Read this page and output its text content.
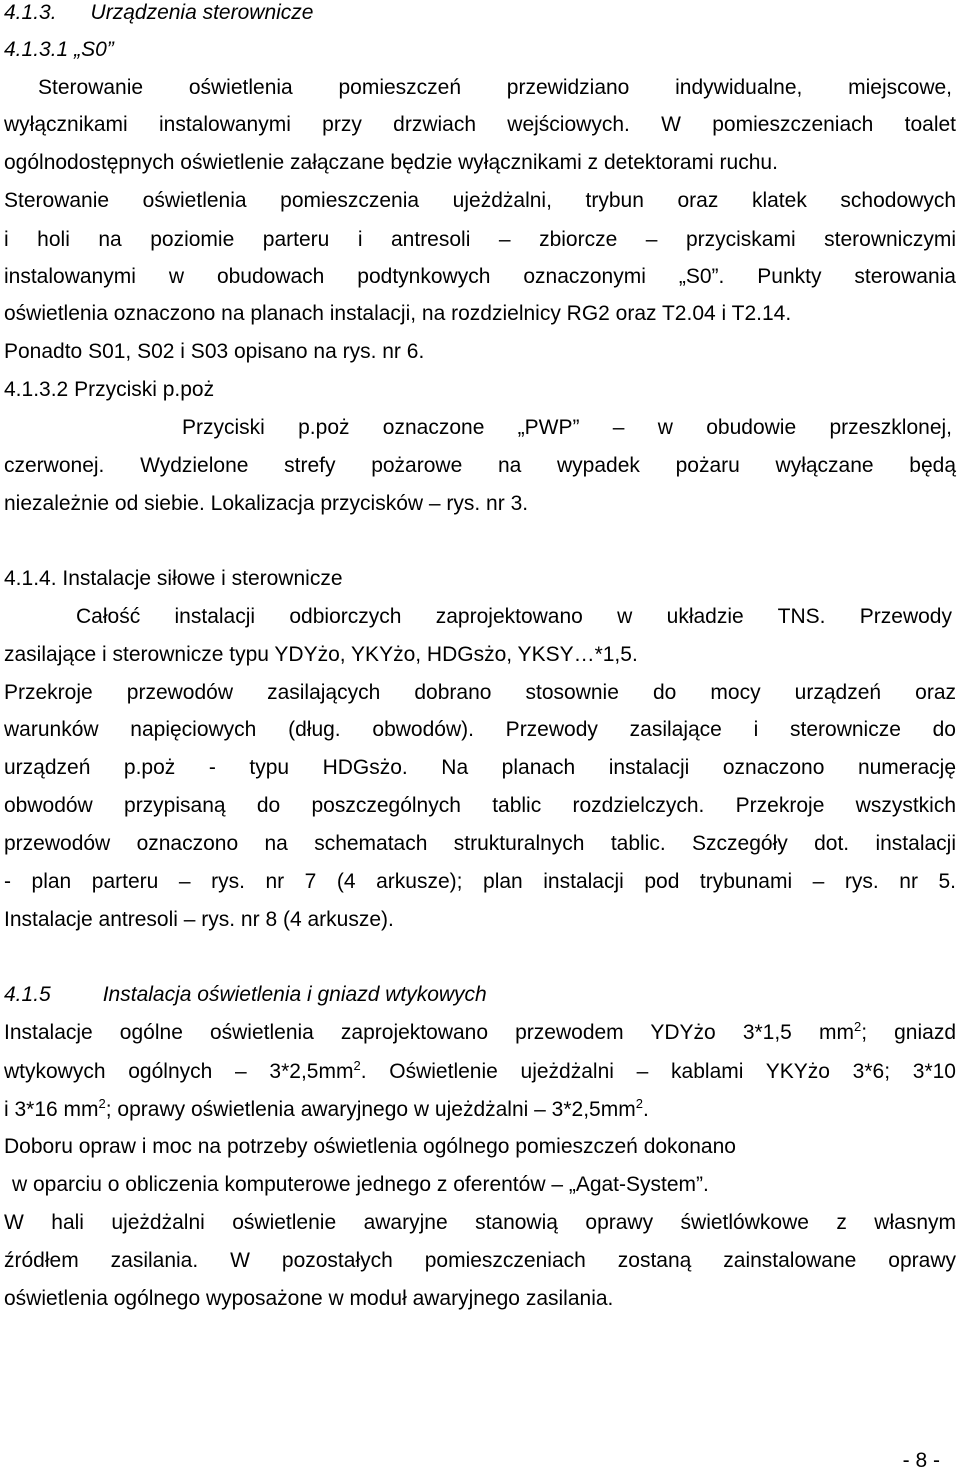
4.1.3. Urządzenia sterownicze
4.1.3.1 „S0”
Sterowanie oświetlenia pomieszczeń przewidziano indywidualne, miejscowe,
wyłącznikami instalowanymi przy drzwiach wejściowych. W pomieszczeniach toalet
ogólnodostępnych oświetlenie załączane będzie wyłącznikami z detektorami ruchu.
Sterowanie oświetlenia pomieszczenia ujeżdżalni, trybun oraz klatek schodowych
i holi na poziomie parteru i antresoli – zbiorcze – przyciskami sterowniczymi
instalowanymi w obudowach podtynkowych oznaczonymi „S0”. Punkty sterowania
oświetlenia oznaczono na planach instalacji, na rozdzielnicy RG2 oraz T2.04 i T2.14.
Ponadto S01, S02 i S03 opisano na rys. nr 6.
4.1.3.2 Przyciski p.poż
Przyciski p.poż oznaczone „PWP” – w obudowie przeszklonej,
czerwonej. Wydzielone strefy pożarowe na wypadek pożaru wyłączane będą
niezależnie od siebie. Lokalizacja przycisków – rys. nr 3.
4.1.4. Instalacje siłowe i sterownicze
Całość instalacji odbiorczych zaprojektowano w układzie TNS. Przewody
zasilające i sterownicze typu YDYżo, YKYżo, HDGsżo, YKSY…*1,5.
Przekroje przewodów zasilających dobrano stosownie do mocy urządzeń oraz
warunków napięciowych (dług. obwodów). Przewody zasilające i sterownicze do
urządzeń p.poż - typu HDGsżo. Na planach instalacji oznaczono numerację
obwodów przypisaną do poszczególnych tablic rozdzielczych. Przekroje wszystkich
przewodów oznaczono na schematach strukturalnych tablic. Szczegóły dot. instalacji
- plan parteru – rys. nr 7 (4 arkusze); plan instalacji pod trybunami – rys. nr 5.
Instalacje antresoli – rys. nr 8 (4 arkusze).
4.1.5 Instalacja oświetlenia i gniazd wtykowych
Instalacje ogólne oświetlenia zaprojektowano przewodem YDYżo 3*1,5 $mm^2$; gniazd
wtykowych ogólnych – $3*2,5mm^2$. Oświetlenie ujeżdżalni – kablami YKYżo 3*6; 3*10
i 3*16 $mm^2$; oprawy oświetlenia awaryjnego w ujeżdżalni – $3*2,5mm^2$.
Doboru opraw i moc na potrzeby oświetlenia ogólnego pomieszczeń dokonano
w oparciu o obliczenia komputerowe jednego z oferentów – „Agat-System”.
W hali ujeżdżalni oświetlenie awaryjne stanowią oprawy świetlówkowe z własnym
źródłem zasilania. W pozostałych pomieszczeniach zostaną zainstalowane oprawy
oświetlenia ogólnego wyposażone w moduł awaryjnego zasilania.
- 8 -
